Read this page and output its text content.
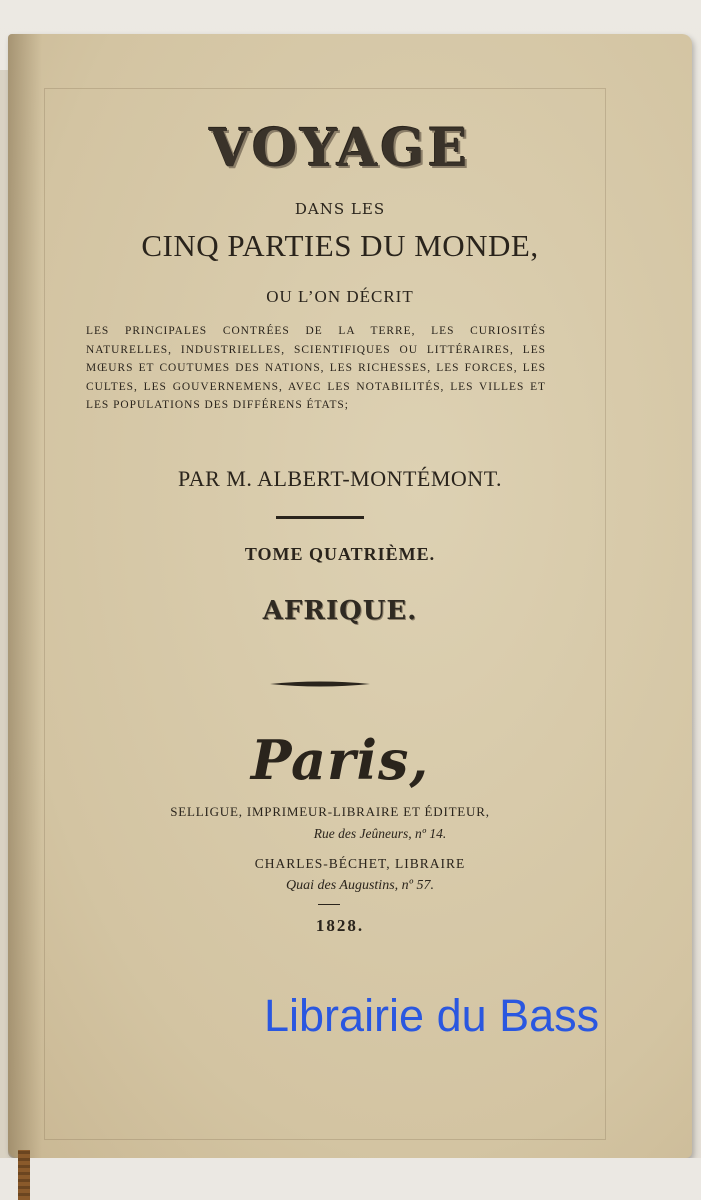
VOYAGE
DANS LES
CINQ PARTIES DU MONDE,
OU L’ON DÉCRIT
LES PRINCIPALES CONTRÉES DE LA TERRE, LES CURIOSITÉS NATURELLES, INDUSTRIELLES, SCIENTIFIQUES OU LITTÉRAIRES, LES MŒURS ET COUTUMES DES NATIONS, LES RICHESSES, LES FORCES, LES CULTES, LES GOUVERNEMENS, AVEC LES NOTABILITÉS, LES VILLES ET LES POPULATIONS DES DIFFÉRENS ÉTATS;
PAR M. ALBERT-MONTÉMONT.
TOME QUATRIÈME.
AFRIQUE.
Paris,
SELLIGUE, IMPRIMEUR-LIBRAIRE ET ÉDITEUR,
Rue des Jeûneurs, nº 14.
CHARLES-BÉCHET, LIBRAIRE
Quai des Augustins, nº 57.
1828.
Librairie du Bass
